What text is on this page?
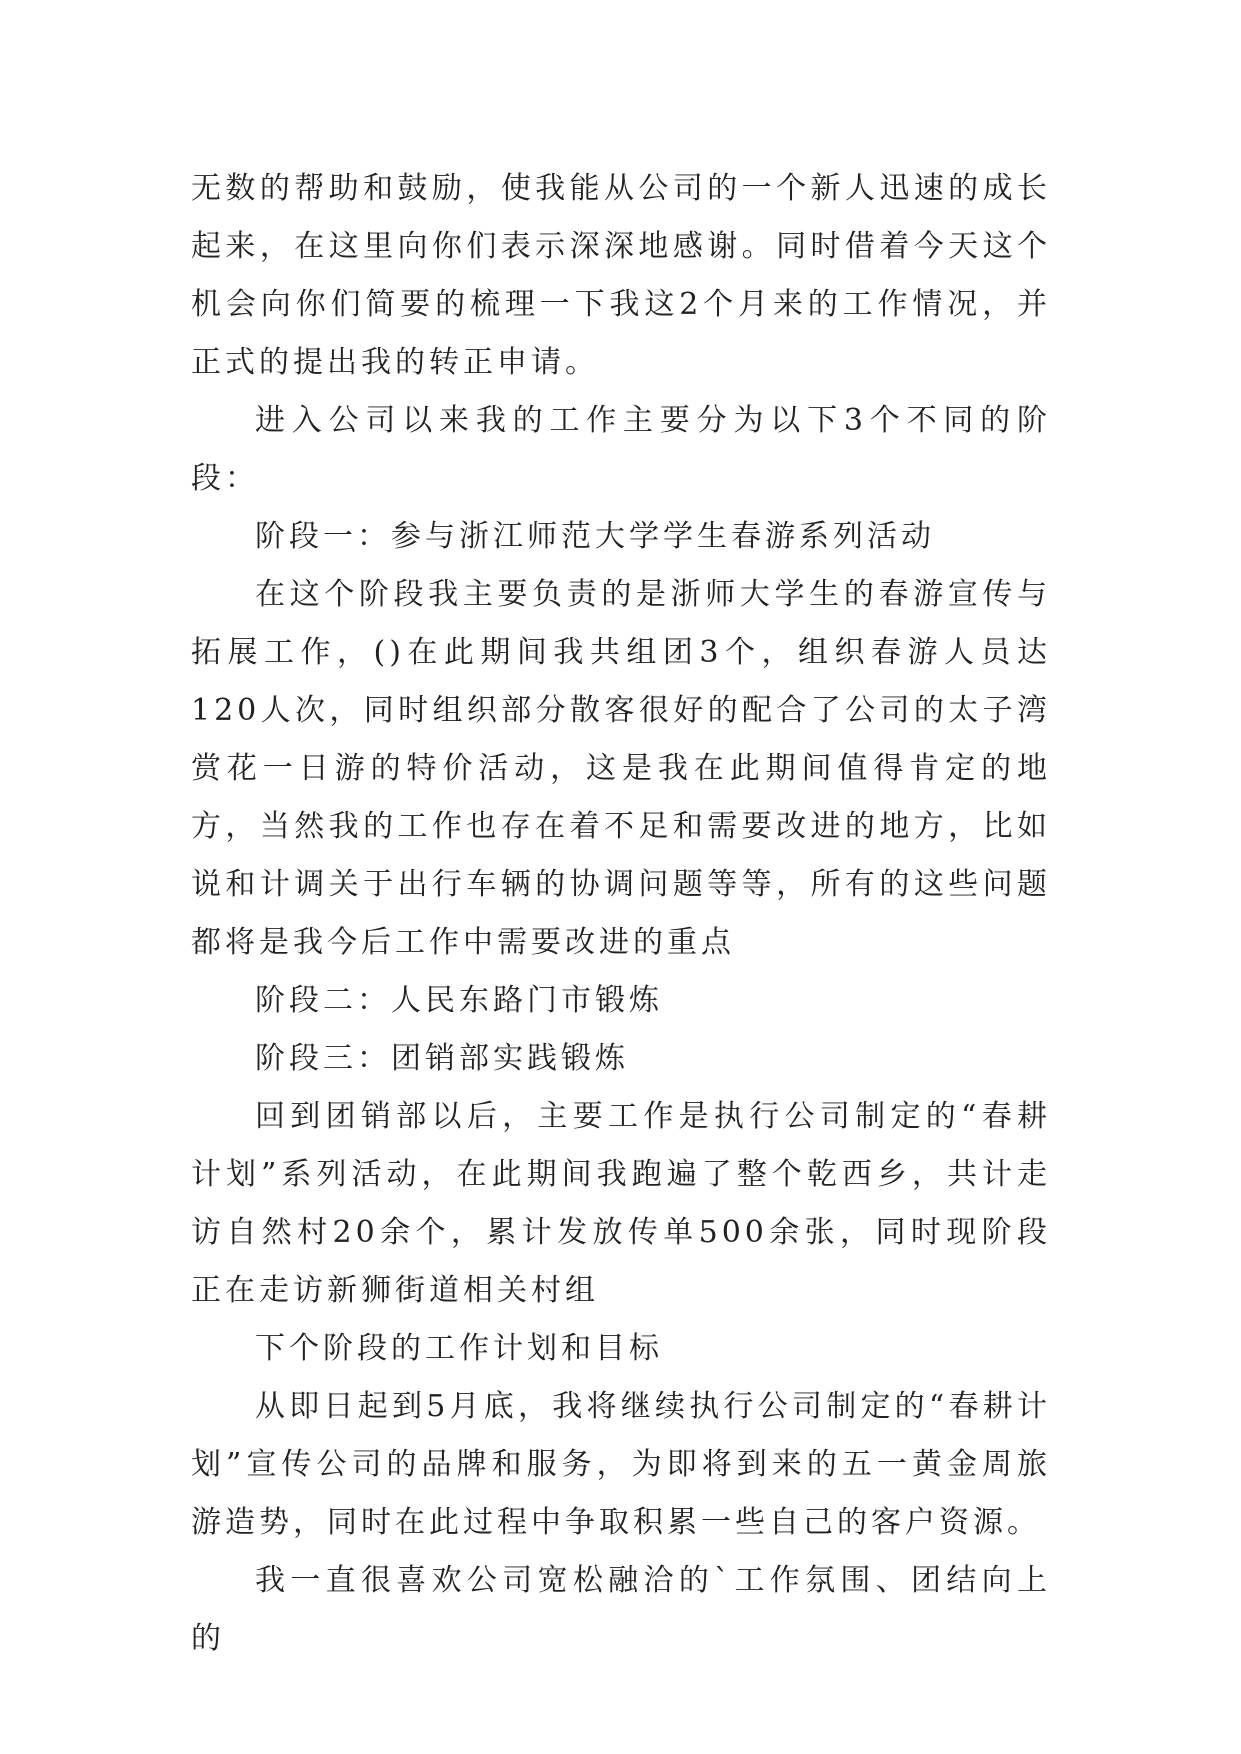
无数的帮助和鼓励，使我能从公司的一个新人迅速的成长起来，在这里向你们表示深深地感谢。同时借着今天这个机会向你们简要的梳理一下我这2个月来的工作情况，并正式的提出我的转正申请。

进入公司以来我的工作主要分为以下3个不同的阶段：

阶段一：参与浙江师范大学学生春游系列活动

在这个阶段我主要负责的是浙师大学生的春游宣传与拓展工作，()在此期间我共组团3个，组织春游人员达120人次，同时组织部分散客很好的配合了公司的太子湾赏花一日游的特价活动，这是我在此期间值得肯定的地方，当然我的工作也存在着不足和需要改进的地方，比如说和计调关于出行车辆的协调问题等等，所有的这些问题都将是我今后工作中需要改进的重点

阶段二：人民东路门市锻炼

阶段三：团销部实践锻炼

回到团销部以后，主要工作是执行公司制定的“春耕计划”系列活动，在此期间我跑遍了整个乾西乡，共计走访自然村20余个，累计发放传单500余张，同时现阶段正在走访新狮街道相关村组

下个阶段的工作计划和目标

从即日起到5月底，我将继续执行公司制定的“春耕计划”宣传公司的品牌和服务，为即将到来的五一黄金周旅游造势，同时在此过程中争取积累一些自己的客户资源。

我一直很喜欢公司宽松融洽的`工作氛围、团结向上的
